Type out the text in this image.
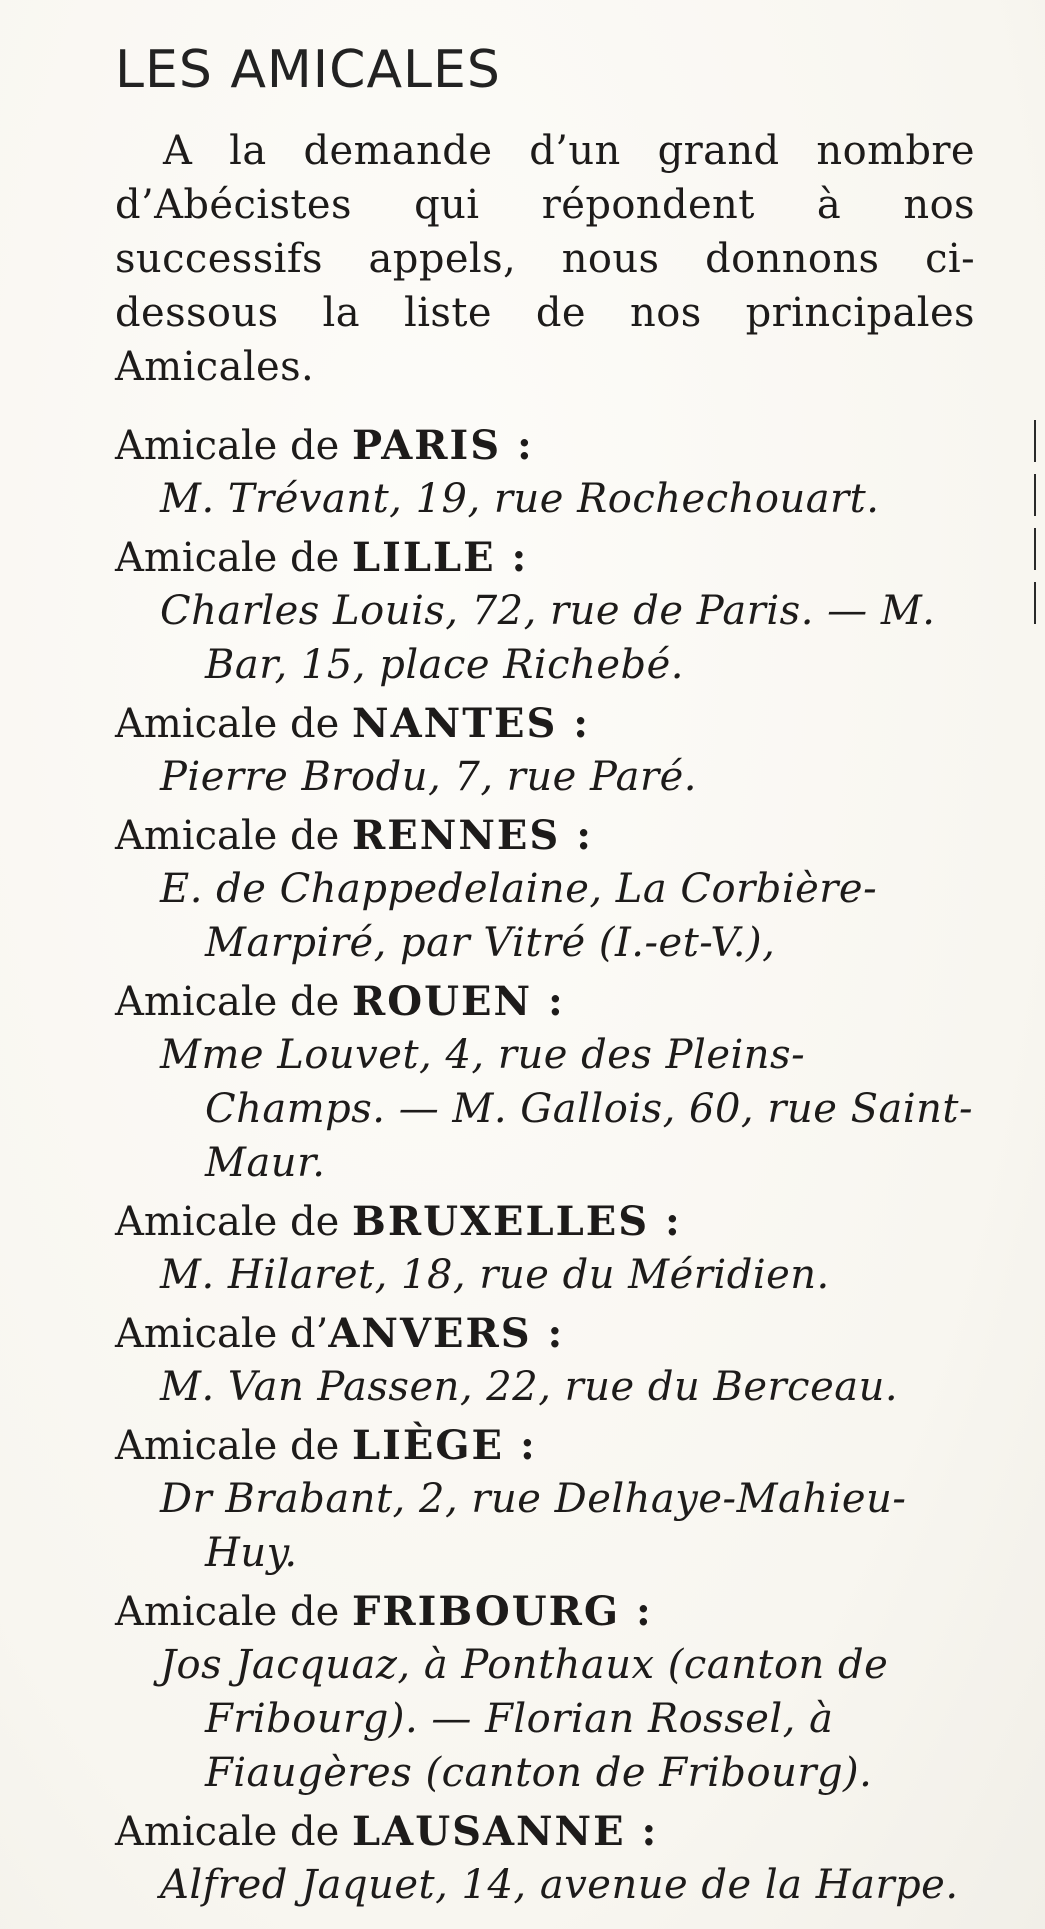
LES AMICALES

A la demande d’un grand nombre d’Abécistes qui répondent à nos successifs appels, nous donnons ci-dessous la liste de nos principales Amicales.

Amicale de PARIS :

M. Trévant, 19, rue Rochechouart.

Amicale de LILLE :

Charles Louis, 72, rue de Paris. — M. Bar, 15, place Richebé.

Amicale de NANTES :

Pierre Brodu, 7, rue Paré.

Amicale de RENNES :

E. de Chappedelaine, La Corbière-Marpiré, par Vitré (I.-et-V.),

Amicale de ROUEN :

Mme Louvet, 4, rue des Pleins-Champs. — M. Gallois, 60, rue Saint-Maur.

Amicale de BRUXELLES :

M. Hilaret, 18, rue du Méridien.

Amicale d’ANVERS :

M. Van Passen, 22, rue du Berceau.

Amicale de LIÈGE :

Dr Brabant, 2, rue Delhaye-Mahieu-Huy.

Amicale de FRIBOURG :

Jos Jacquaz, à Ponthaux (canton de Fribourg). — Florian Rossel, à Fiaugères (canton de Fribourg).

Amicale de LAUSANNE :

Alfred Jaquet, 14, avenue de la Harpe.
